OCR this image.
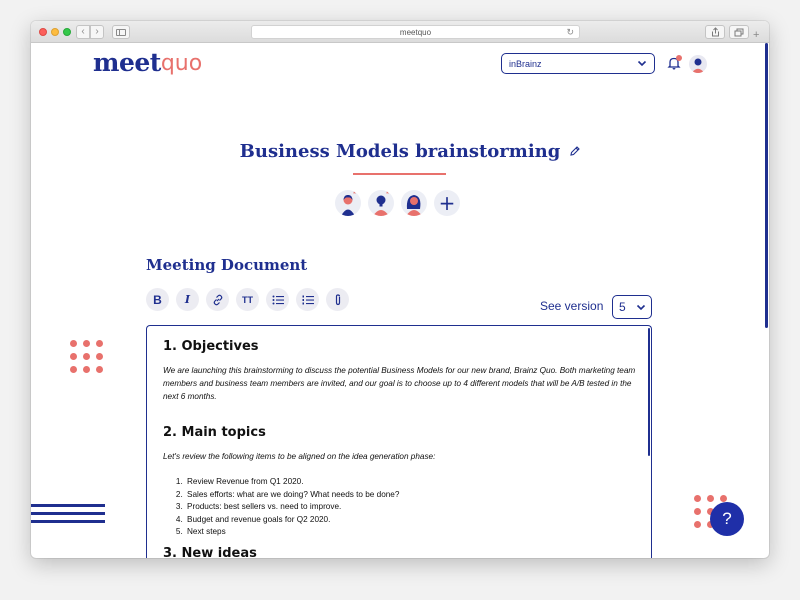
‹	›	meetquo	↻	+
meet quo	inBrainz
Business Models brainstorming
*	* +
Meeting Document
B	I	TT	See version 5
1. Objectives

We are launching this brainstorming to discuss the potential Business Models for our new brand, Brainz Quo. Both marketing team members and business team members are invited, and our goal is to choose up to 4 different models that will be A/B tested in the next 6 months.

2. Main topics

Let's review the following items to be aligned on the idea generation phase:

1. Review Revenue from Q1 2020.
2. Sales efforts: what are we doing? What needs to be done?
3. Products: best sellers vs. need to improve.
4. Budget and revenue goals for Q2 2020.
5. Next steps
3. New ideas
?
